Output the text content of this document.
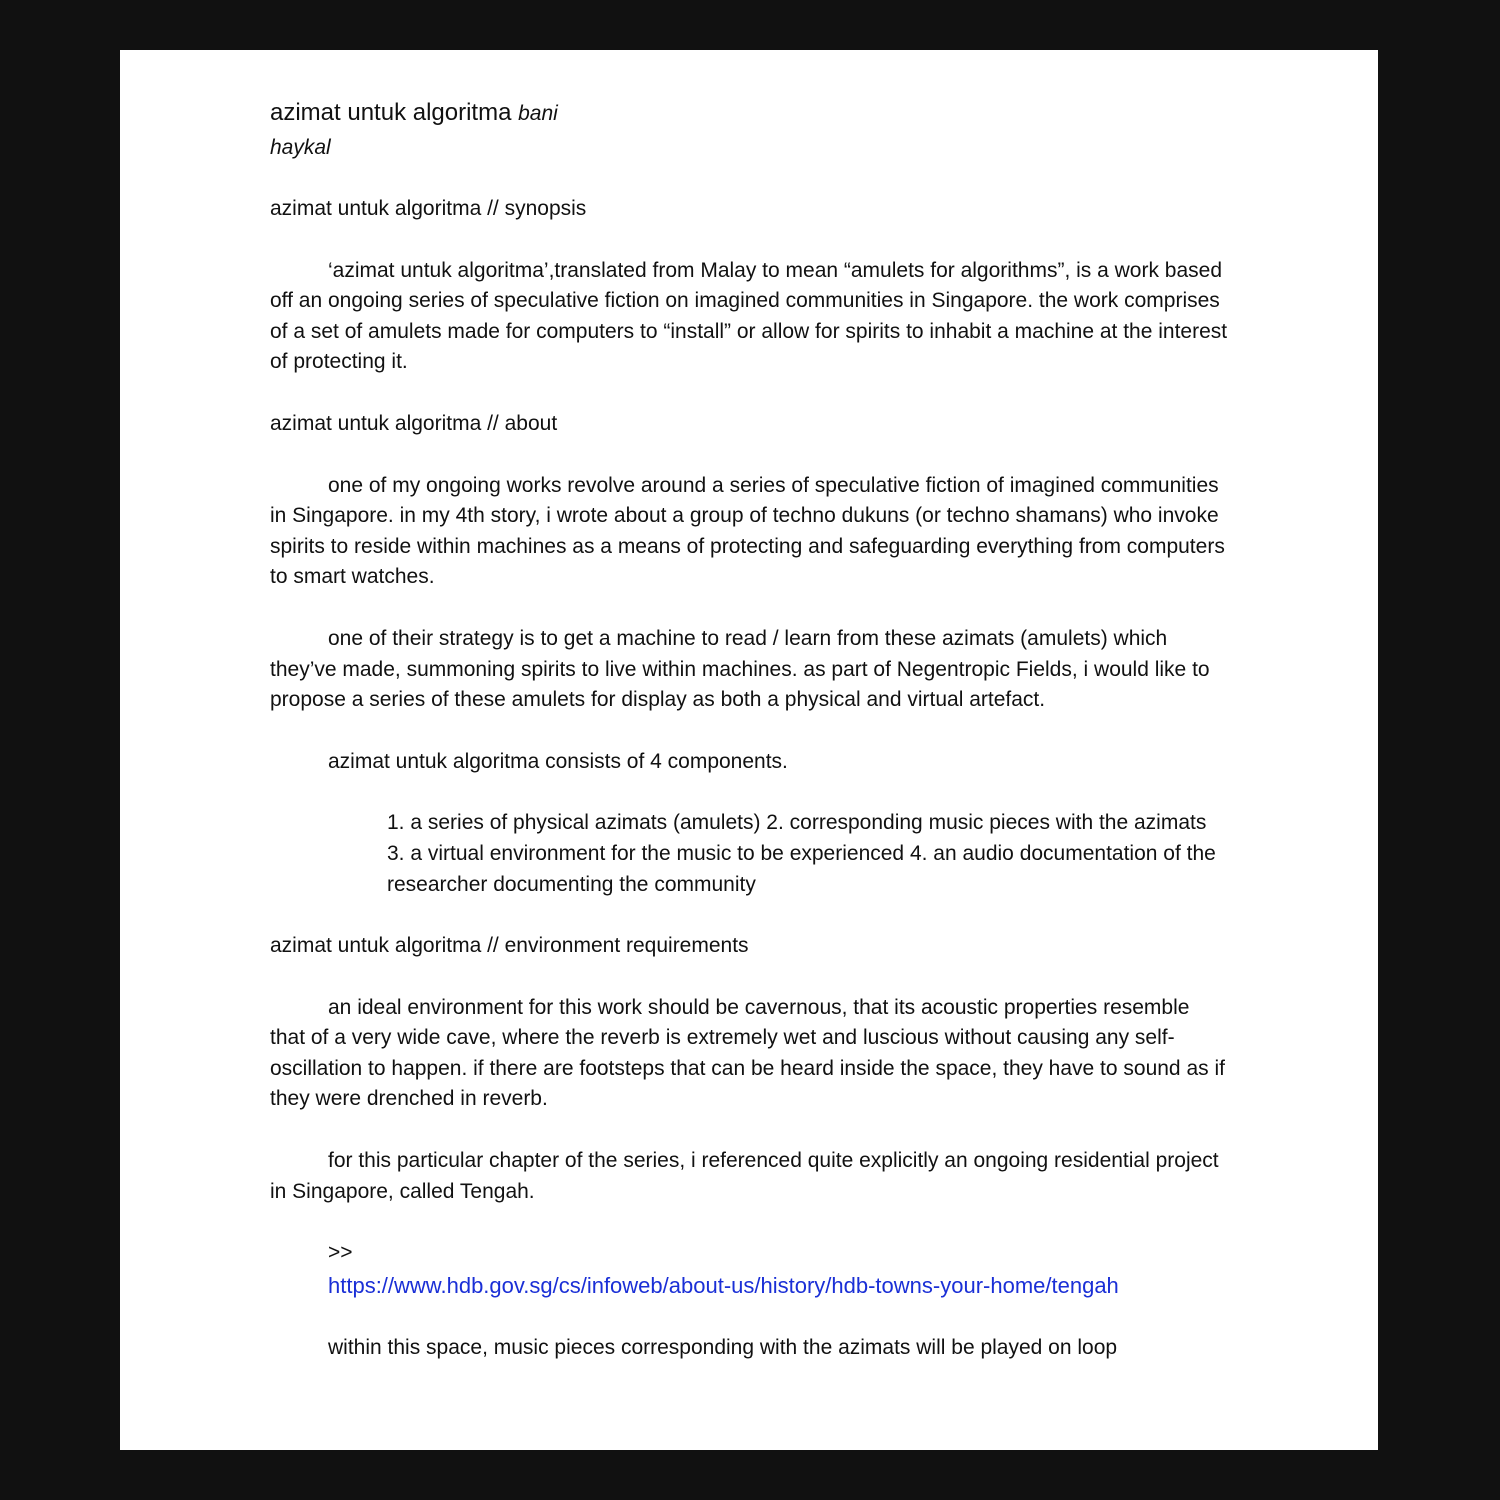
azimat untuk algoritma bani

haykal

azimat untuk algoritma // synopsis

‘azimat untuk algoritma’,translated from Malay to mean “amulets for algorithms”, is a work based off an ongoing series of speculative fiction on imagined communities in Singapore. the work comprises of a set of amulets made for computers to “install” or allow for spirits to inhabit a machine at the interest of protecting it.

azimat untuk algoritma // about

one of my ongoing works revolve around a series of speculative fiction of imagined communities in Singapore. in my 4th story, i wrote about a group of techno dukuns (or techno shamans) who invoke spirits to reside within machines as a means of protecting and safeguarding everything from computers to smart watches.

one of their strategy is to get a machine to read / learn from these azimats (amulets) which they’ve made, summoning spirits to live within machines. as part of Negentropic Fields, i would like to propose a series of these amulets for display as both a physical and virtual artefact.

azimat untuk algoritma consists of 4 components.

1. a series of physical azimats (amulets) 2. corresponding music pieces with the azimats 3. a virtual environment for the music to be experienced 4. an audio documentation of the researcher documenting the community

azimat untuk algoritma // environment requirements

an ideal environment for this work should be cavernous, that its acoustic properties resemble that of a very wide cave, where the reverb is extremely wet and luscious without causing any self- oscillation to happen. if there are footsteps that can be heard inside the space, they have to sound as if they were drenched in reverb.

for this particular chapter of the series, i referenced quite explicitly an ongoing residential project in Singapore, called Tengah.

>>

https://www.hdb.gov.sg/cs/infoweb/about-us/history/hdb-towns-your-home/tengah

within this space, music pieces corresponding with the azimats will be played on loop
